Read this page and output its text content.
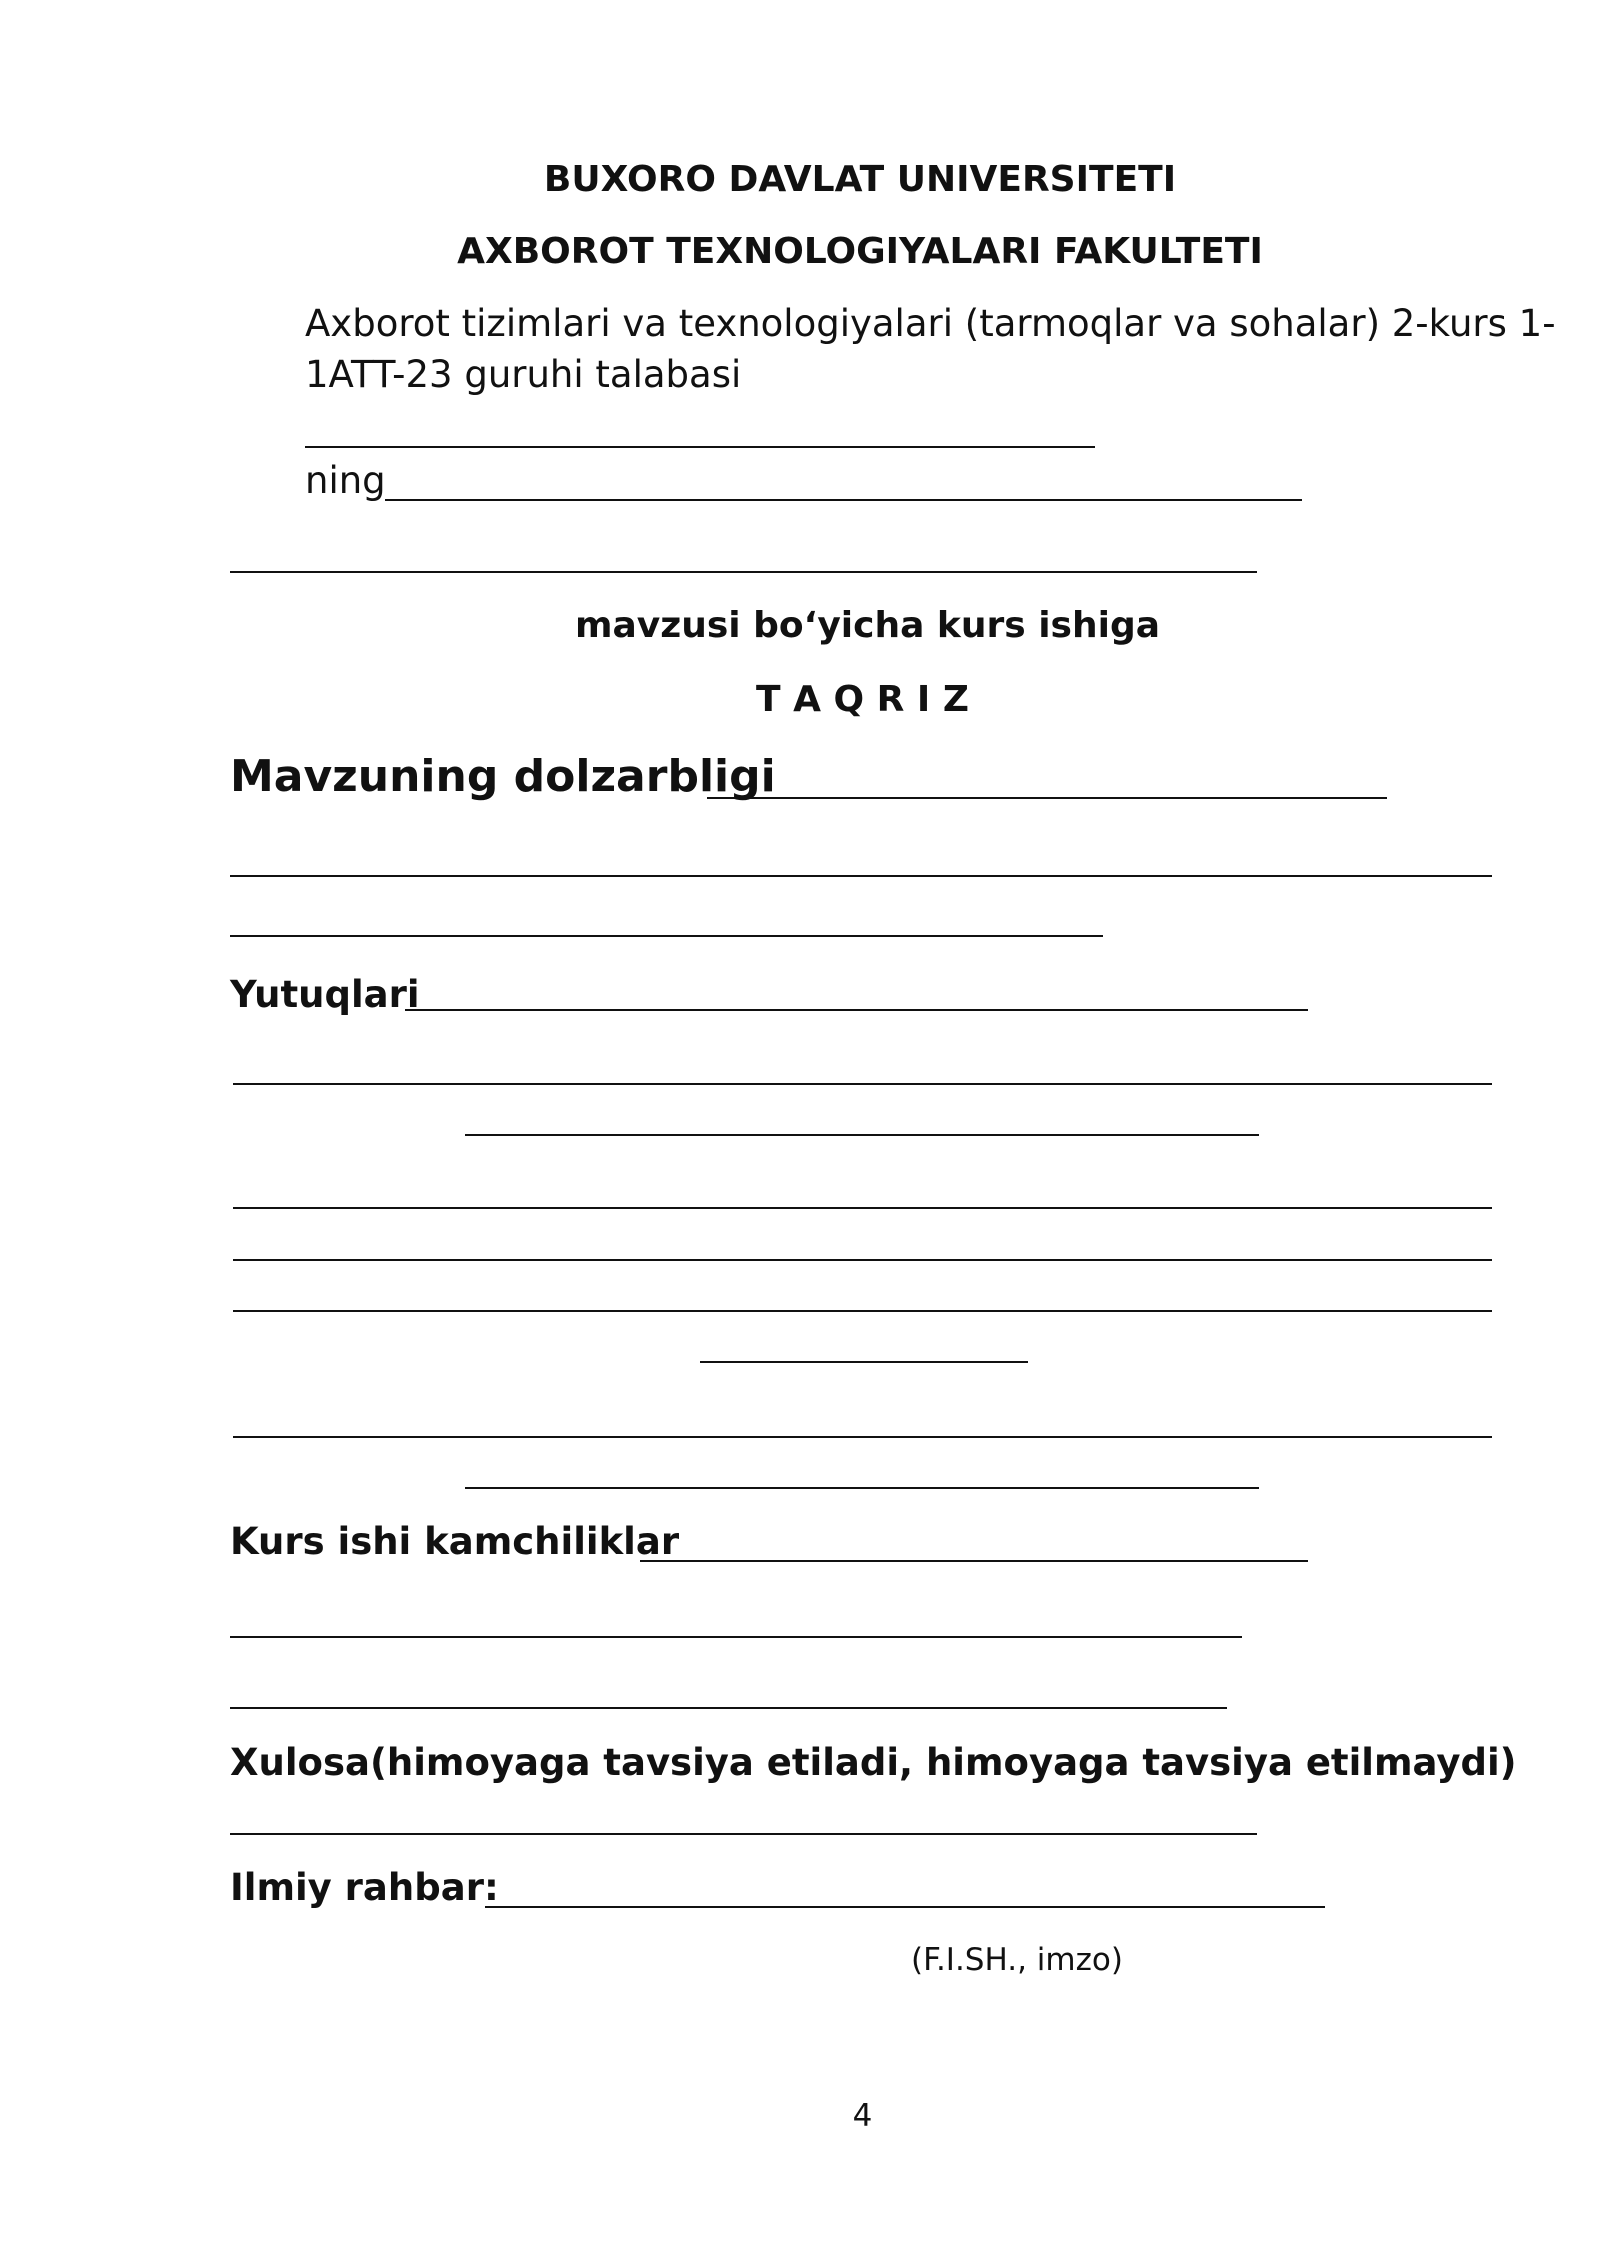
BUXORO DAVLAT UNIVERSITETI
AXBOROT TEXNOLOGIYALARI FAKULTETI
Axborot tizimlari va texnologiyalari (tarmoqlar va sohalar) 2-kurs 1-
1ATT-23 guruhi talabasi
ning
mavzusi bo‘yicha kurs ishiga
T A Q R I Z
Mavzuning dolzarbligi
Yutuqlari
Kurs ishi kamchiliklar
Xulosa(himoyaga tavsiya etiladi, himoyaga tavsiya etilmaydi)
Ilmiy rahbar:
(F.I.SH., imzo)
4
